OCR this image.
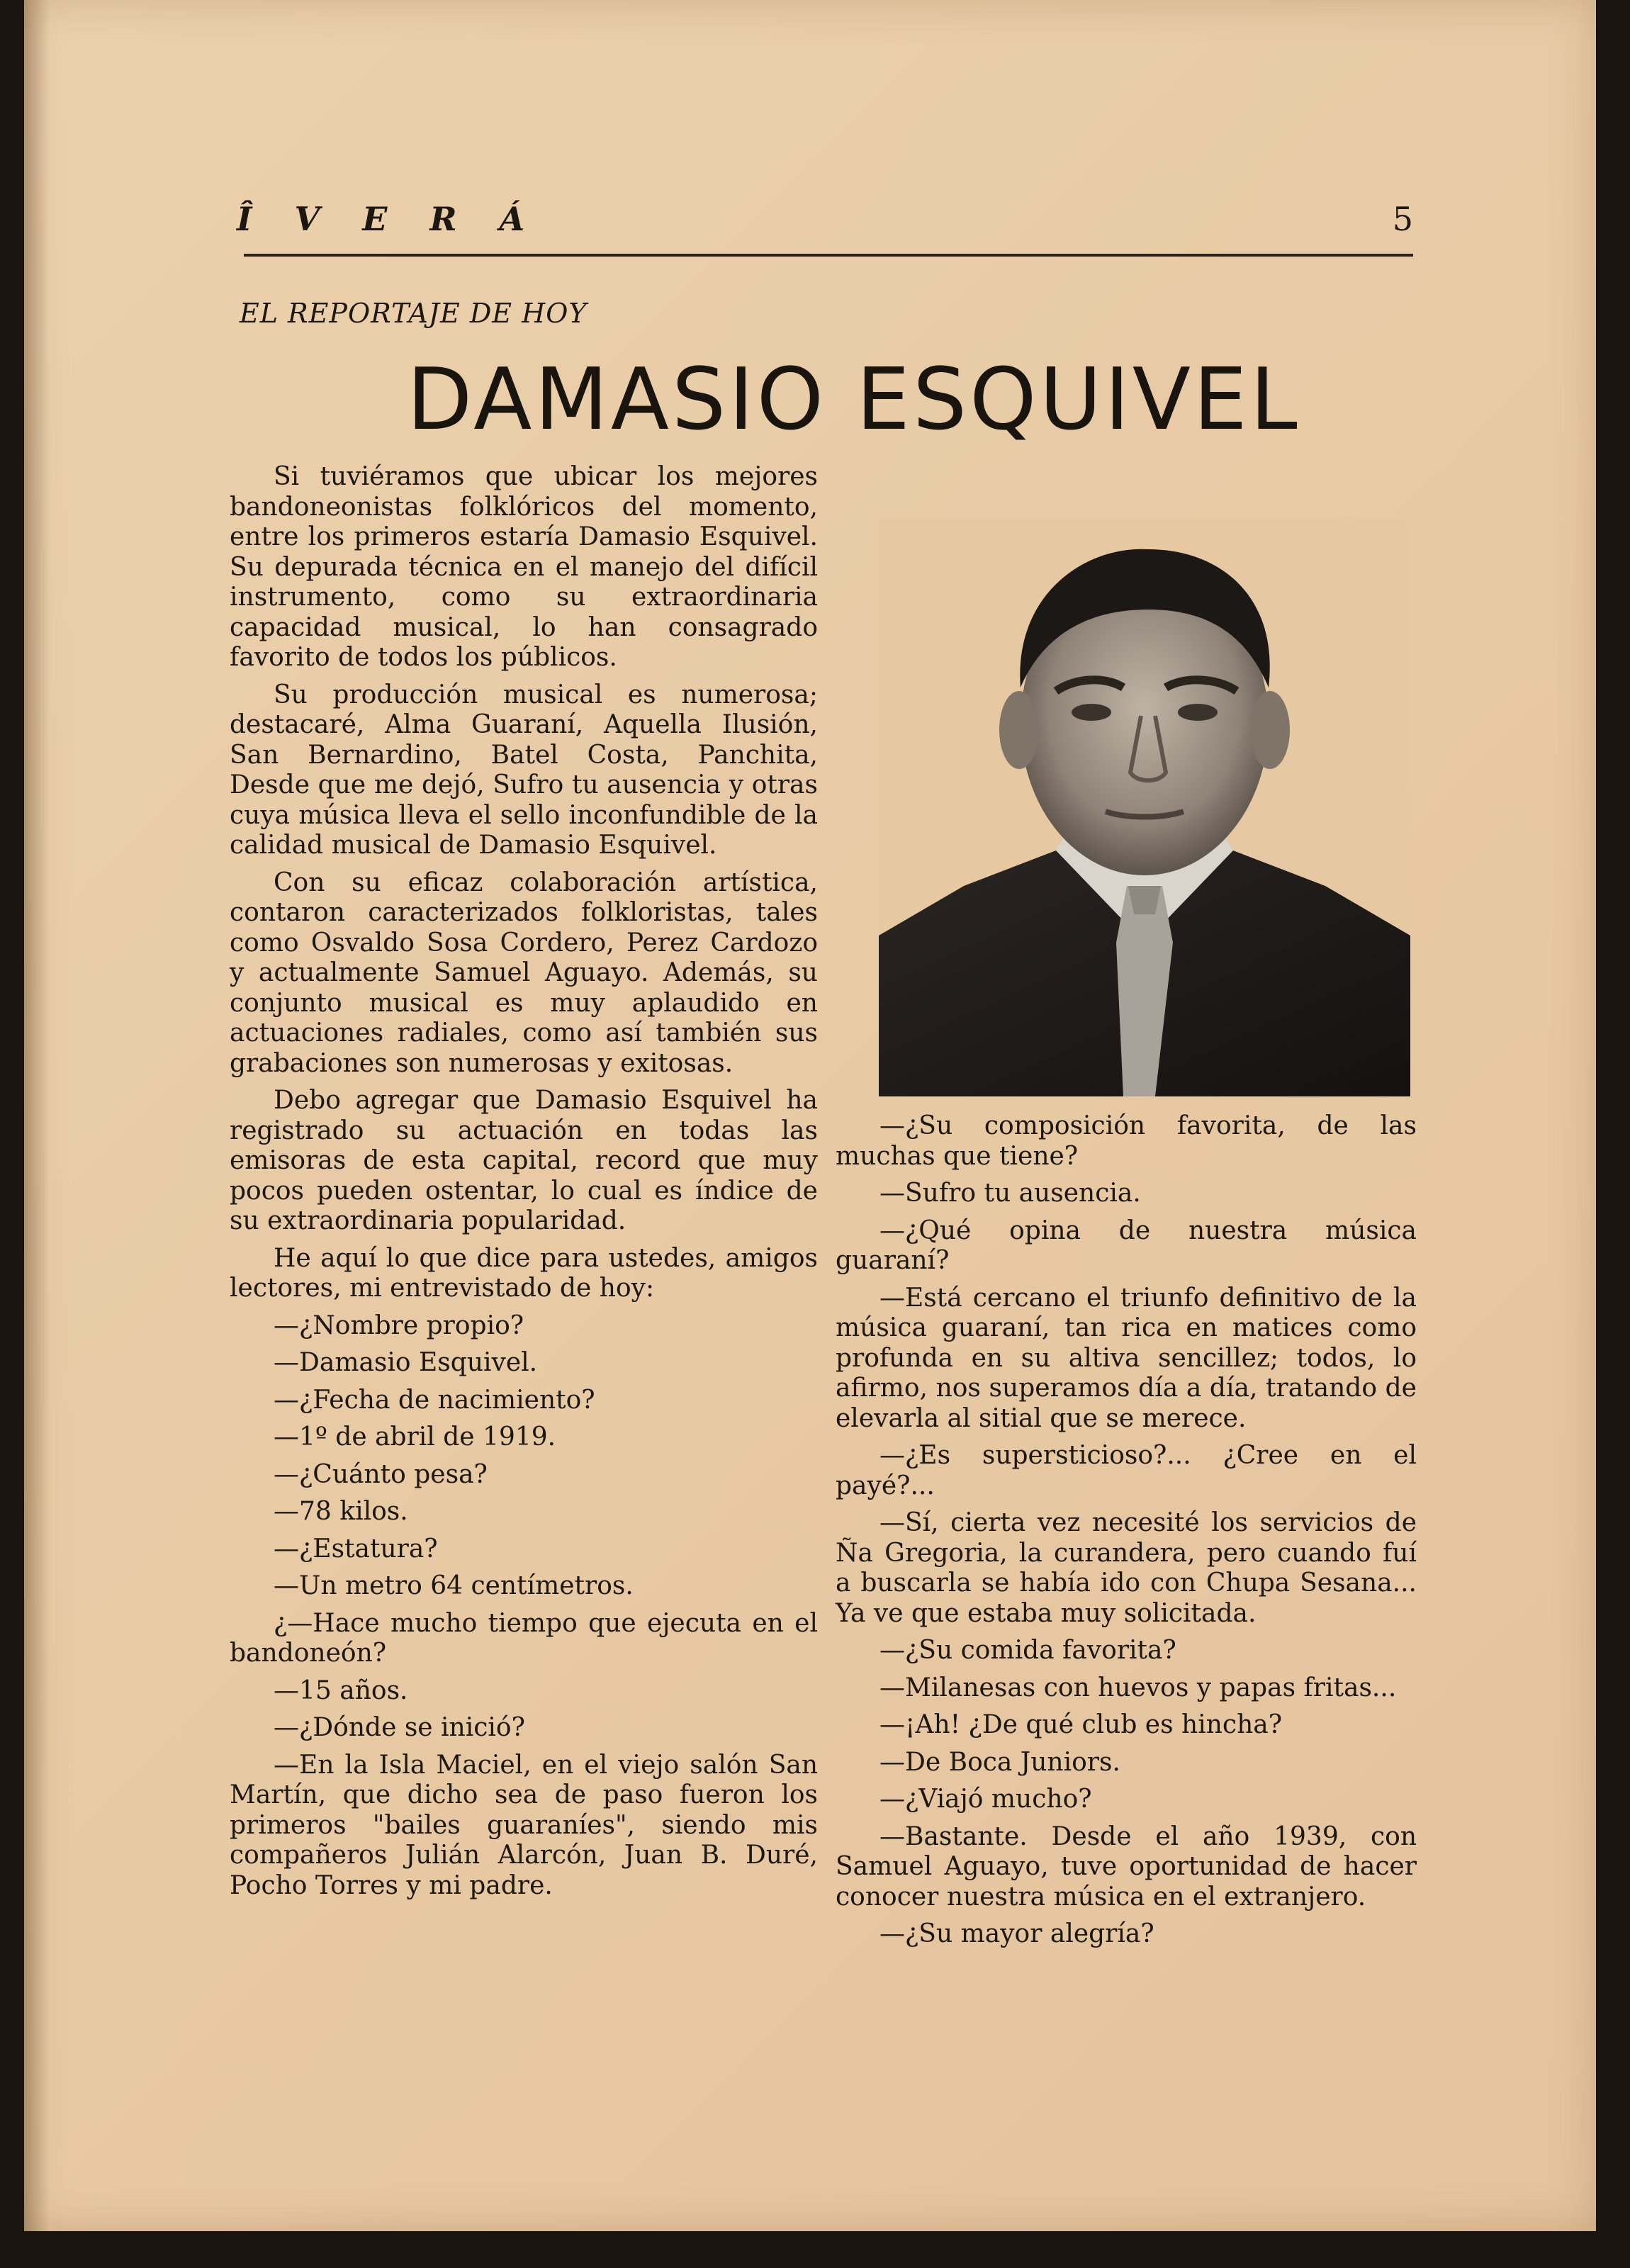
Î V E R Á	5
EL REPORTAJE DE HOY
DAMASIO ESQUIVEL

Si tuviéramos que ubicar los mejores bandoneonistas folklóricos del momento, entre los primeros estaría Damasio Esquivel. Su depurada técnica en el manejo del difícil instrumento, como su extraordinaria capacidad musical, lo han consagrado favorito de todos los públicos.

Su producción musical es numerosa; destacaré, Alma Guaraní, Aquella Ilusión, San Bernardino, Batel Costa, Panchita, Desde que me dejó, Sufro tu ausencia y otras cuya música lleva el sello inconfundible de la calidad musical de Damasio Esquivel.

Con su eficaz colaboración artística, contaron caracterizados folkloristas, tales como Osvaldo Sosa Cordero, Perez Cardozo y actualmente Samuel Aguayo. Además, su conjunto musical es muy aplaudido en actuaciones radiales, como así también sus grabaciones son numerosas y exitosas.

Debo agregar que Damasio Esquivel ha registrado su actuación en todas las emisoras de esta capital, record que muy pocos pueden ostentar, lo cual es índice de su extraordinaria popularidad.

He aquí lo que dice para ustedes, amigos lectores, mi entrevistado de hoy:

—¿Nombre propio?

—Damasio Esquivel.

—¿Fecha de nacimiento?

—1º de abril de 1919.

—¿Cuánto pesa?

—78 kilos.

—¿Estatura?

—Un metro 64 centímetros.

¿—Hace mucho tiempo que ejecuta en el bandoneón?

—15 años.

—¿Dónde se inició?

—En la Isla Maciel, en el viejo salón San Martín, que dicho sea de paso fueron los primeros "bailes guaraníes", siendo mis compañeros Julián Alarcón, Juan B. Duré, Pocho Torres y mi padre.

—¿Su composición favorita, de las muchas que tiene?

—Sufro tu ausencia.

—¿Qué opina de nuestra música guaraní?

—Está cercano el triunfo definitivo de la música guaraní, tan rica en matices como profunda en su altiva sencillez; todos, lo afirmo, nos superamos día a día, tratando de elevarla al sitial que se merece.

—¿Es supersticioso?... ¿Cree en el payé?...

—Sí, cierta vez necesité los servicios de Ña Gregoria, la curandera, pero cuando fuí a buscarla se había ido con Chupa Sesana... Ya ve que estaba muy solicitada.

—¿Su comida favorita?

—Milanesas con huevos y papas fritas...

—¡Ah! ¿De qué club es hincha?

—De Boca Juniors.

—¿Viajó mucho?

—Bastante. Desde el año 1939, con Samuel Aguayo, tuve oportunidad de hacer conocer nuestra música en el extranjero.

—¿Su mayor alegría?
